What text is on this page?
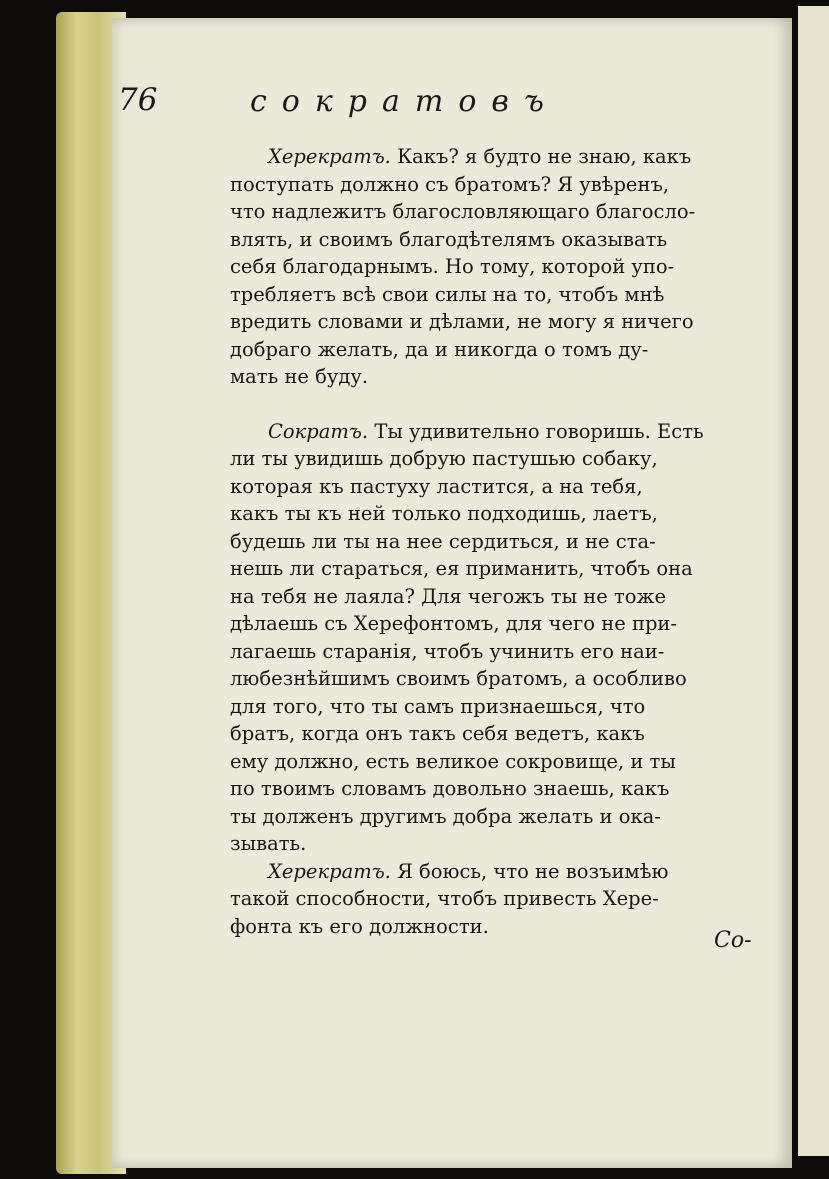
76	сократовъ
Херекратъ. Какъ? я будто не знаю, какъ
поступать должно съ братомъ? Я увѣренъ,
что надлежитъ благословляющаго благосло-
влять, и своимъ благодѣтелямъ оказывать
себя благодарнымъ. Но тому, которой упо-
требляетъ всѣ свои силы на то, чтобъ мнѣ
вредить словами и дѣлами, не могу я ничего
добраго желать, да и никогда о томъ ду-
мать не буду.
Сократъ. Ты удивительно говоришь. Есть
ли ты увидишь добрую пастушью собаку,
которая къ пастуху ластится, а на тебя,
какъ ты къ ней только подходишь, лаетъ,
будешь ли ты на нее сердиться, и не ста-
нешь ли стараться, ея приманить, чтобъ она
на тебя не лаяла? Для чегожъ ты не тоже
дѣлаешь съ Херефонтомъ, для чего не при-
лагаешь старанія, чтобъ учинить его наи-
любезнѣйшимъ своимъ братомъ, а особливо
для того, что ты самъ признаешься, что
братъ, когда онъ такъ себя ведетъ, какъ
ему должно, есть великое сокровище, и ты
по твоимъ словамъ довольно знаешь, какъ
ты долженъ другимъ добра желать и ока-
зывать.
Херекратъ. Я боюсь, что не возъимѣю
такой способности, чтобъ привесть Хере-
фонта къ его должности.
Со-
